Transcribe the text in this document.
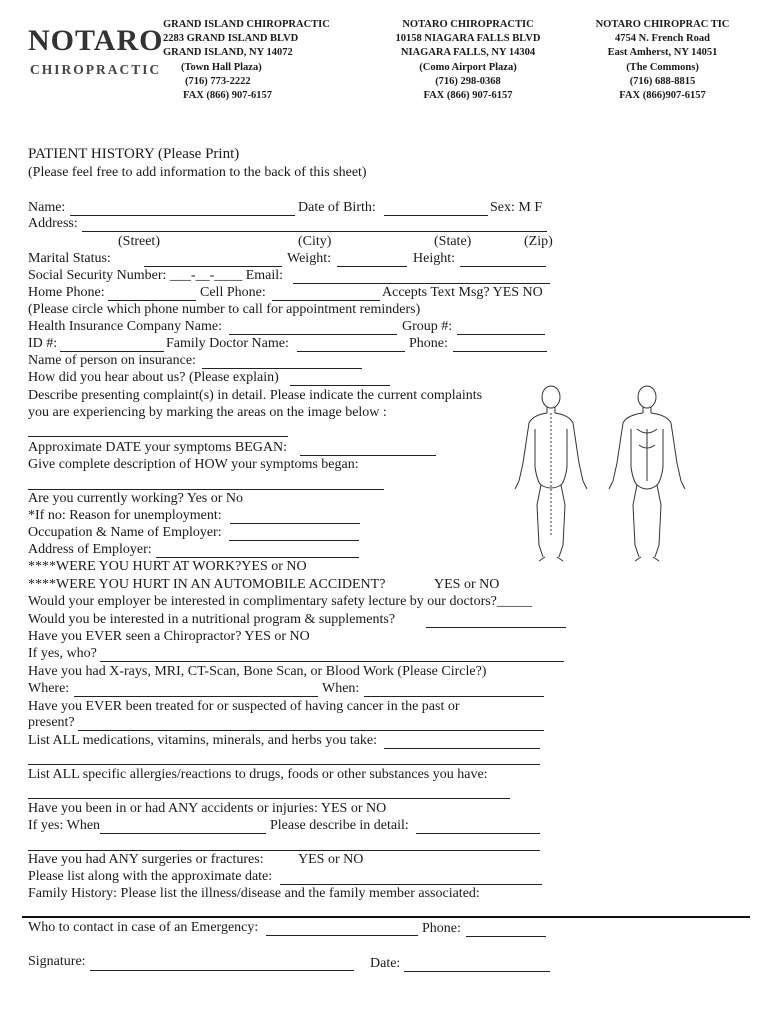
NOTARO
CHIROPRACTIC
GRAND ISLAND CHIROPRACTIC
2283 GRAND ISLAND BLVD
GRAND ISLAND, NY 14072
(Town Hall Plaza)
(716) 773-2222
FAX (866) 907-6157
NOTARO CHIROPRACTIC
10158 NIAGARA FALLS BLVD
NIAGARA FALLS, NY 14304
(Como Airport Plaza)
(716) 298-0368
FAX (866) 907-6157
NOTARO CHIROPRAC TIC
4754 N. French Road
East Amherst, NY 14051
(The Commons)
(716) 688-8815
FAX (866)907-6157
PATIENT HISTORY (Please Print)
(Please feel free to add information to the back of this sheet)
Name:	Date of Birth:	Sex: M F
Address:
(Street)	(City)	(State)	(Zip)
Marital Status:	Weight:	Height:
Social Security Number: ___-__-____ Email:
Home Phone:	Cell Phone:	Accepts Text Msg? YES NO
(Please circle which phone number to call for appointment reminders)
Health Insurance Company Name:	Group #:
ID #:	Family Doctor Name:	Phone:
Name of person on insurance:
How did you hear about us? (Please explain)
Describe presenting complaint(s) in detail. Please indicate the current complaints
you are experiencing by marking the areas on the image below :
Approximate DATE your symptoms BEGAN:
Give complete description of HOW your symptoms began:
Are you currently working? Yes or No
*If no: Reason for unemployment:
Occupation & Name of Employer:
Address of Employer:
****WERE YOU HURT AT WORK?YES or NO
****WERE YOU HURT IN AN AUTOMOBILE ACCIDENT?	YES or NO
Would your employer be interested in complimentary safety lecture by our doctors?_____
Would you be interested in a nutritional program & supplements?
Have you EVER seen a Chiropractor? YES or NO
If yes, who?
Have you had X-rays, MRI, CT-Scan, Bone Scan, or Blood Work (Please Circle?)
Where:	When:
Have you EVER been treated for or suspected of having cancer in the past or
present?
List ALL medications, vitamins, minerals, and herbs you take:
List ALL specific allergies/reactions to drugs, foods or other substances you have:
Have you been in or had ANY accidents or injuries: YES or NO
If yes: When	Please describe in detail:
Have you had ANY surgeries or fractures: YES or NO
Please list along with the approximate date:
Family History: Please list the illness/disease and the family member associated:
Who to contact in case of an Emergency:	Phone:
Signature:	Date:
